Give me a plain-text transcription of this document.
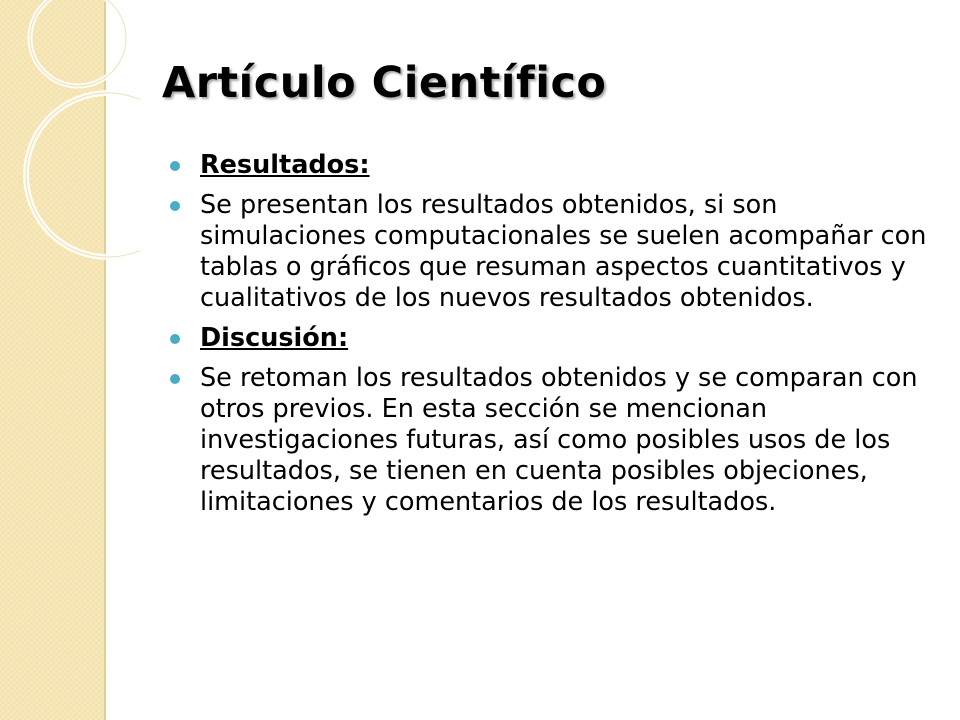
Artículo Científico
Resultados:
Se presentan los resultados obtenidos, si son simulaciones computacionales se suelen acompañar con tablas o gráficos que resuman aspectos cuantitativos y cualitativos de los nuevos resultados obtenidos.
Discusión:
Se retoman los resultados obtenidos y se comparan con otros previos. En esta sección se mencionan investigaciones futuras, así como posibles usos de los resultados, se tienen en cuenta posibles objeciones, limitaciones y comentarios de los resultados.
